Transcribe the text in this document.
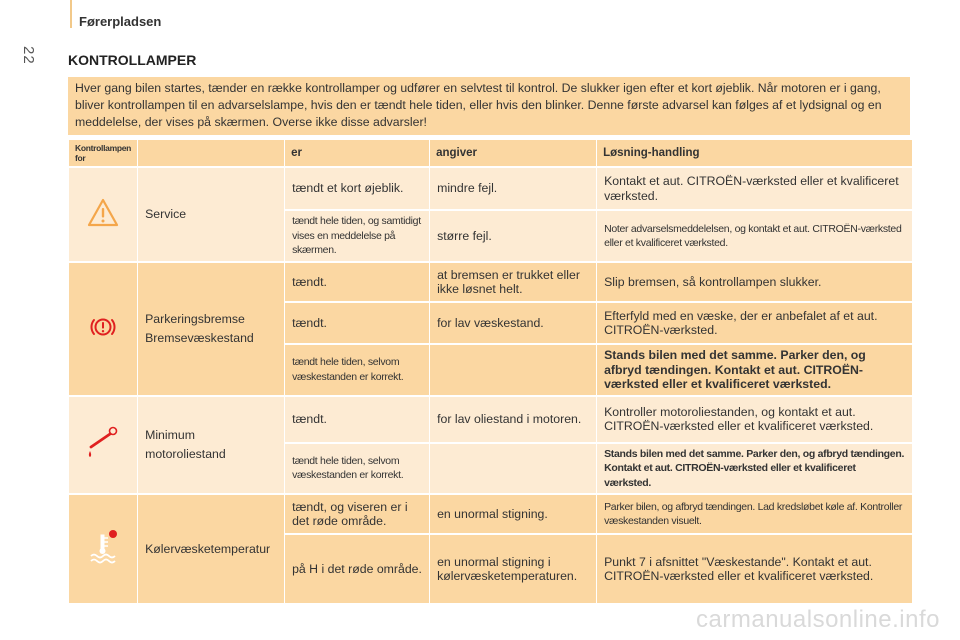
Førerpladsen
22 KONTROLLAMPER
Hver gang bilen startes, tænder en række kontrollamper og udfører en selvtest til kontrol. De slukker igen efter et kort øjeblik. Når motoren er i gang, bliver kontrollampen til en advarselslampe, hvis den er tændt hele tiden, eller hvis den blinker. Denne første advarsel kan følges af et lydsignal og en meddelelse, der vises på skærmen. Overse ikke disse advarsler!
Kontrollampen for		er	angiver	Løsning-handling
	Service	tændt et kort øjeblik.	mindre fejl.	Kontakt et aut. CITROËN-værksted eller et kvalificeret værksted.
		tændt hele tiden, og samtidigt vises en meddelelse på skærmen.	større fejl.	Noter advarselsmeddelelsen, og kontakt et aut. CITROËN-værksted eller et kvalificeret værksted.

Parkeringsbremse Bremsevæskestand	tændt.	at bremsen er trukket eller ikke løsnet helt.	Slip bremsen, så kontrollampen slukker.
		tændt.	for lav væskestand.	Efterfyld med en væske, der er anbefalet af et aut. CITROËN-værksted.
		tændt hele tiden, selvom væskestanden er korrekt.		Stands bilen med det samme. Parker den, og afbryd tændingen. Kontakt et aut. CITROËN-værksted eller et kvalificeret værksted.

Minimum motoroliestand	tændt.	for lav oliestand i motoren.	Kontroller motoroliestanden, og kontakt et aut. CITROËN-værksted eller et kvalificeret værksted.
		tændt hele tiden, selvom væskestanden er korrekt.		Stands bilen med det samme. Parker den, og afbryd tændingen. Kontakt et aut. CITROËN-værksted eller et kvalificeret værksted.
	Kølervæsketemperatur	tændt, og viseren er i det røde område.	en unormal stigning.	Parker bilen, og afbryd tændingen. Lad kredsløbet køle af. Kontroller væskestanden visuelt.
		på H i det røde område.	en unormal stigning i kølervæsketemperaturen.	Punkt 7 i afsnittet "Væskestande". Kontakt et aut. CITROËN-værksted eller et kvalificeret værksted.
carmanualsonline.info
